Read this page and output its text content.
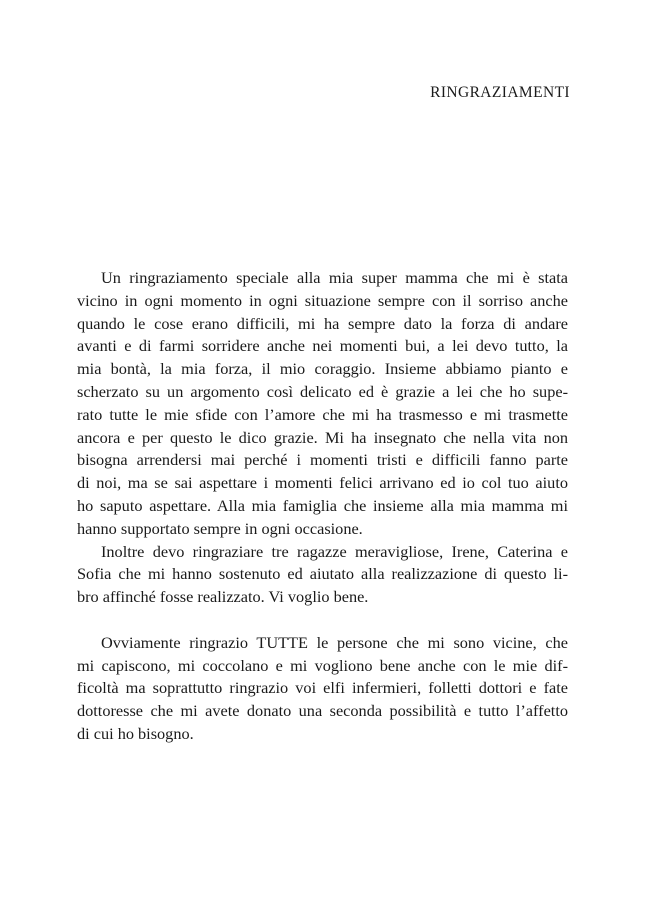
RINGRAZIAMENTI
Un ringraziamento speciale alla mia super mamma che mi è stata
vicino in ogni momento in ogni situazione sempre con il sorriso anche
quando le cose erano difficili, mi ha sempre dato la forza di andare
avanti e di farmi sorridere anche nei momenti bui, a lei devo tutto, la
mia bontà, la mia forza, il mio coraggio. Insieme abbiamo pianto e
scherzato su un argomento così delicato ed è grazie a lei che ho supe-
rato tutte le mie sfide con l’amore che mi ha trasmesso e mi trasmette
ancora e per questo le dico grazie. Mi ha insegnato che nella vita non
bisogna arrendersi mai perché i momenti tristi e difficili fanno parte
di noi, ma se sai aspettare i momenti felici arrivano ed io col tuo aiuto
ho saputo aspettare. Alla mia famiglia che insieme alla mia mamma mi
hanno supportato sempre in ogni occasione.
Inoltre devo ringraziare tre ragazze meravigliose, Irene, Caterina e
Sofia che mi hanno sostenuto ed aiutato alla realizzazione di questo li-
bro affinché fosse realizzato. Vi voglio bene.
Ovviamente ringrazio TUTTE le persone che mi sono vicine, che
mi capiscono, mi coccolano e mi vogliono bene anche con le mie dif-
ficoltà ma soprattutto ringrazio voi elfi infermieri, folletti dottori e fate
dottoresse che mi avete donato una seconda possibilità e tutto l’affetto
di cui ho bisogno.
